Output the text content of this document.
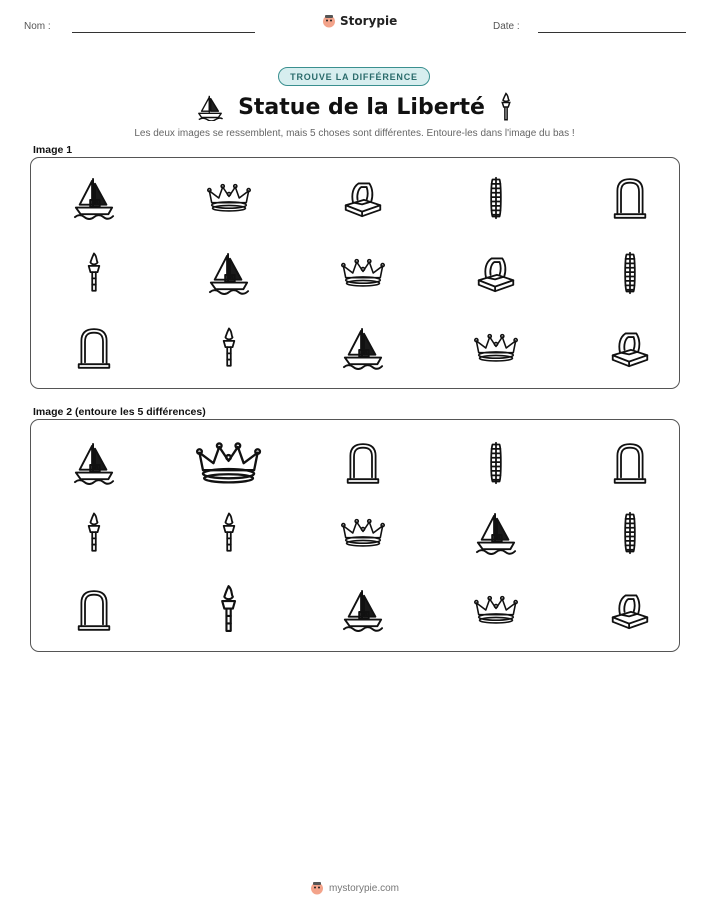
Nom :	Storypie	Date :
TROUVE LA DIFFÉRENCE
Statue de la Liberté
Les deux images se ressemblent, mais 5 choses sont différentes. Entoure-les dans l'image du bas !
Image 1
Image 2 (entoure les 5 différences)
mystorypie.com
